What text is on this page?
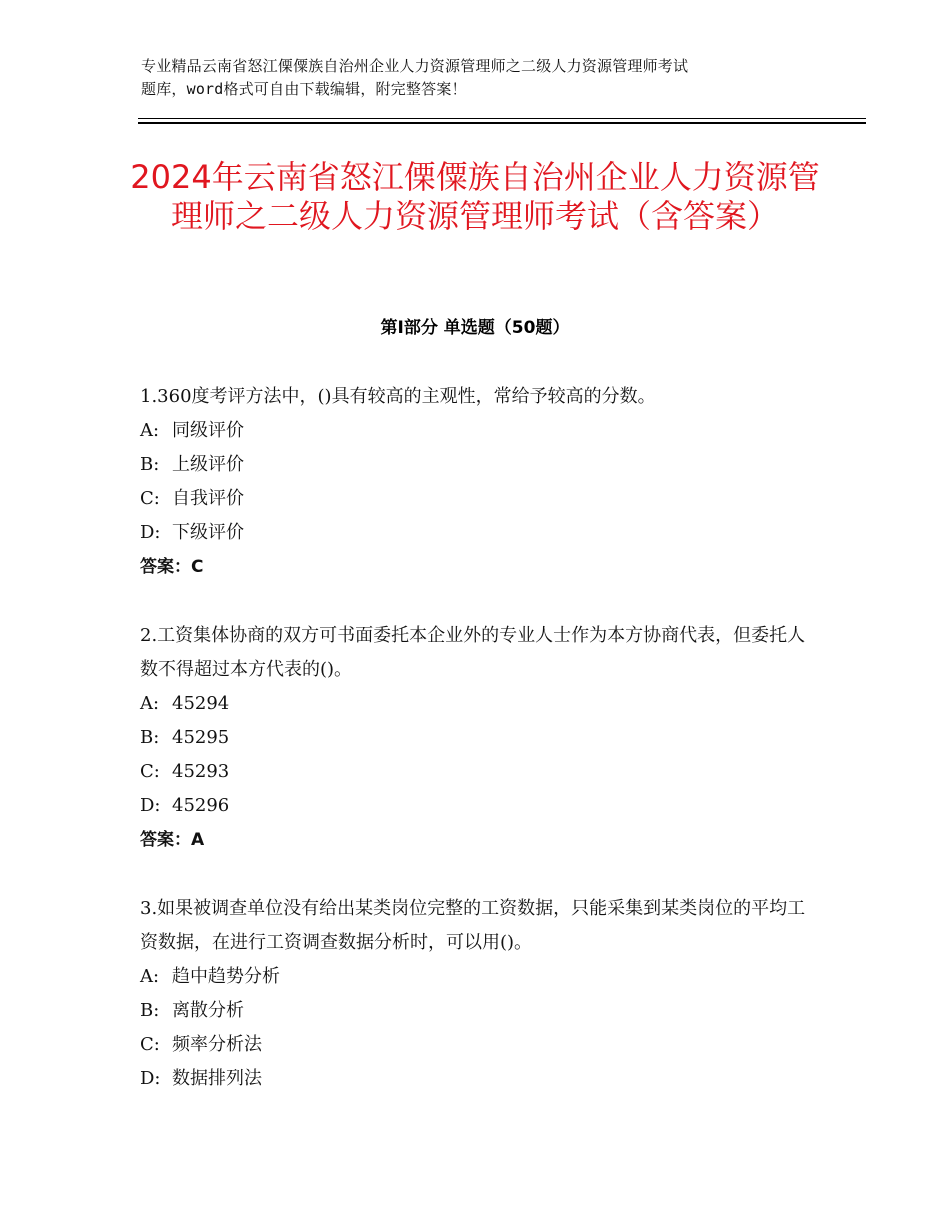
专业精品云南省怒江傈僳族自治州企业人力资源管理师之二级人力资源管理师考试
题库，word格式可自由下载编辑，附完整答案！
2024年云南省怒江傈僳族自治州企业人力资源管理师之二级人力资源管理师考试（含答案）
第Ⅰ部分 单选题（50题）

1.360度考评方法中，()具有较高的主观性，常给予较高的分数。

A: 同级评价

B: 上级评价

C: 自我评价

D: 下级评价

答案：C

2.工资集体协商的双方可书面委托本企业外的专业人士作为本方协商代表，但委托人数不得超过本方代表的()。

A: 45294

B: 45295

C: 45293

D: 45296

答案：A

3.如果被调查单位没有给出某类岗位完整的工资数据，只能采集到某类岗位的平均工资数据，在进行工资调查数据分析时，可以用()。

A: 趋中趋势分析

B: 离散分析

C: 频率分析法

D: 数据排列法
